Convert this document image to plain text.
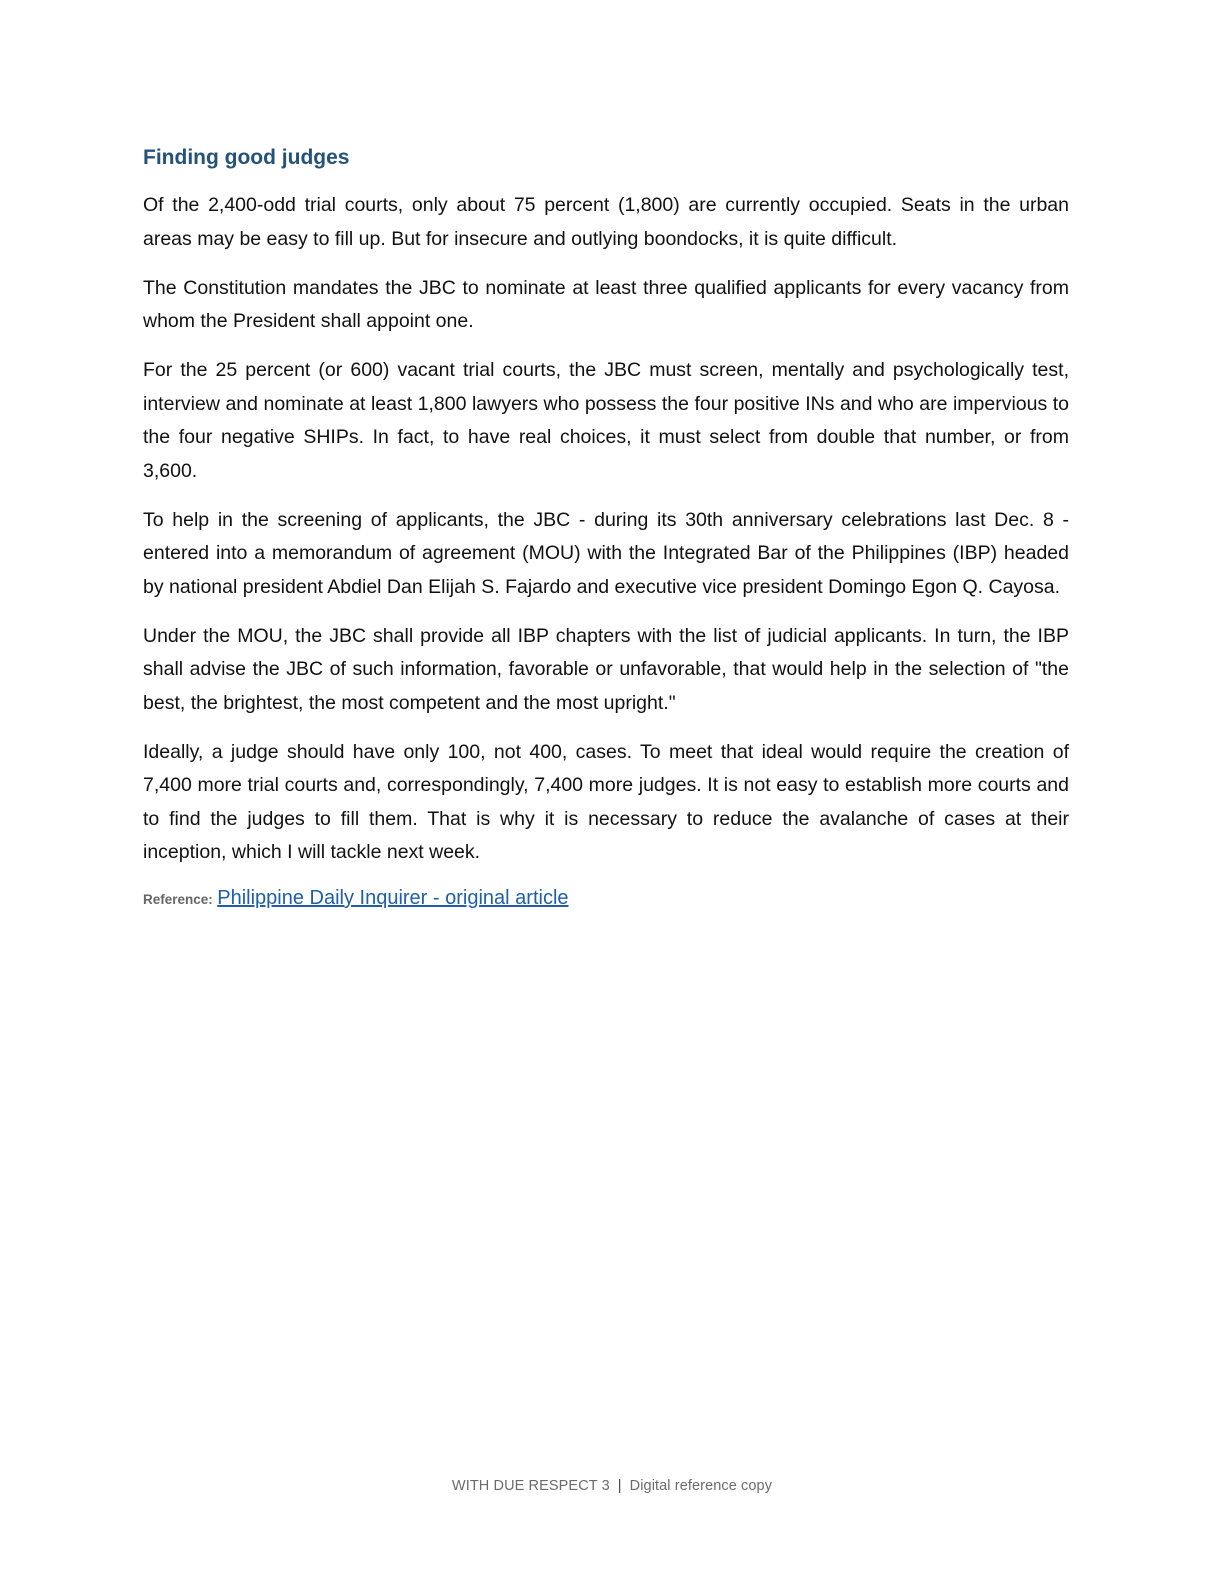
Finding good judges

Of the 2,400-odd trial courts, only about 75 percent (1,800) are currently occupied. Seats in the urban areas may be easy to fill up. But for insecure and outlying boondocks, it is quite difficult.

The Constitution mandates the JBC to nominate at least three qualified applicants for every vacancy from whom the President shall appoint one.

For the 25 percent (or 600) vacant trial courts, the JBC must screen, mentally and psychologically test, interview and nominate at least 1,800 lawyers who possess the four positive INs and who are impervious to the four negative SHIPs. In fact, to have real choices, it must select from double that number, or from 3,600.

To help in the screening of applicants, the JBC - during its 30th anniversary celebrations last Dec. 8 - entered into a memorandum of agreement (MOU) with the Integrated Bar of the Philippines (IBP) headed by national president Abdiel Dan Elijah S. Fajardo and executive vice president Domingo Egon Q. Cayosa.

Under the MOU, the JBC shall provide all IBP chapters with the list of judicial applicants. In turn, the IBP shall advise the JBC of such information, favorable or unfavorable, that would help in the selection of "the best, the brightest, the most competent and the most upright."

Ideally, a judge should have only 100, not 400, cases. To meet that ideal would require the creation of 7,400 more trial courts and, correspondingly, 7,400 more judges. It is not easy to establish more courts and to find the judges to fill them. That is why it is necessary to reduce the avalanche of cases at their inception, which I will tackle next week.

Reference: Philippine Daily Inquirer - original article
WITH DUE RESPECT 3 | Digital reference copy
